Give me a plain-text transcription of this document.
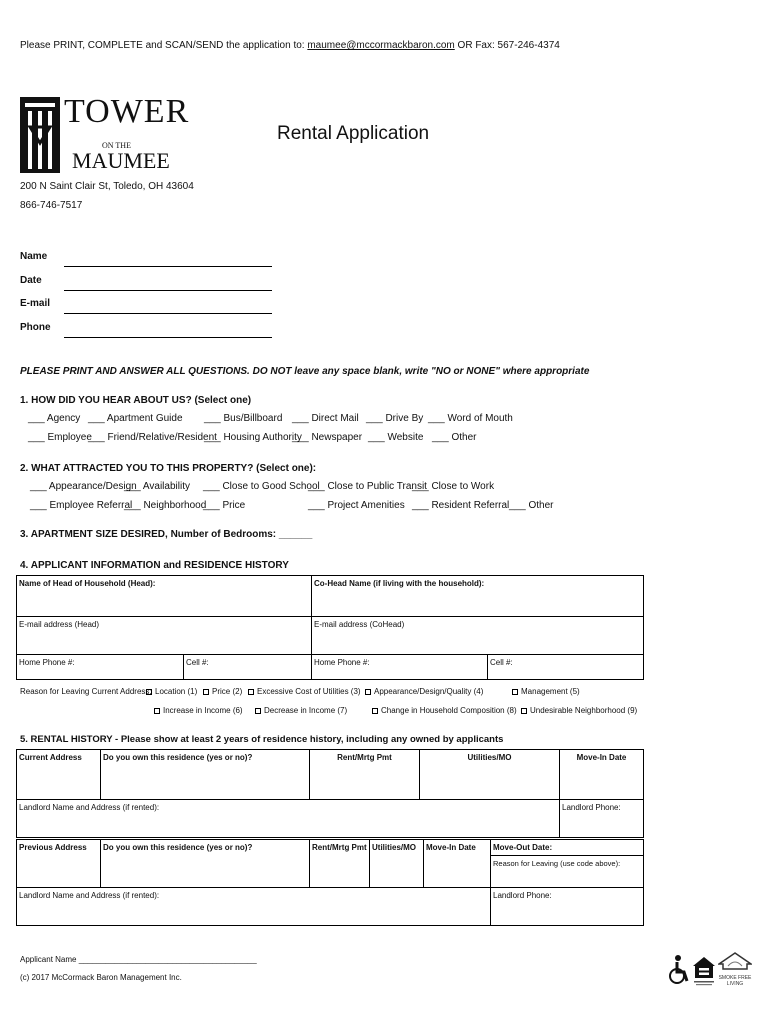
Please PRINT, COMPLETE and SCAN/SEND the application to: maumee@mccormackbaron.com OR Fax: 567-246-4374
TOWER
ON THE
MAUMEE
Rental Application
200 N Saint Clair St, Toledo, OH 43604
866-746-7517
Name
Date
E-mail
Phone
PLEASE PRINT AND ANSWER ALL QUESTIONS. DO NOT leave any space blank, write "NO or NONE" where appropriate
1. HOW DID YOU HEAR ABOUT US? (Select one)
___ Agency ___ Apartment Guide ___ Bus/Billboard ___ Direct Mail ___ Drive By ___ Word of Mouth
___ Employee
___ Friend/Relative/Resident
___ Housing Authority
___ Newspaper ___ Website ___ Other
2. WHAT ATTRACTED YOU TO THIS PROPERTY? (Select one):
___ Appearance/Design
___ Availability ___ Close to Good School
___ Close to Public Transit
___ Close to Work
___ Employee Referral
___ Neighborhood
___ Price	___ Project Amenities ___ Resident Referral ___ Other
3. APARTMENT SIZE DESIRED, Number of Bedrooms: ______
4. APPLICANT INFORMATION and RESIDENCE HISTORY
Name of Head of Household (Head):		Co-Head Name (if living with the household):	
E-mail address (Head)		E-mail address (CoHead)	
Home Phone #:	Cell #:	Home Phone #:	Cell #:
Reason for Leaving Current Address: Location (1)	Price (2)	Excessive Cost of Utilities (3)	Appearance/Design/Quality (4)	Management (5)
Increase in Income (6)	Decrease in Income (7)	Change in Household Composition (8)	Undesirable Neighborhood (9)
5. RENTAL HISTORY - Please show at least 2 years of residence history, including any owned by applicants
Current Address	Do you own this residence (yes or no)?	Rent/Mrtg Pmt	Utilities/MO	Move-In Date
Landlord Name and Address (if rented):				Landlord Phone:
Previous Address	Do you own this residence (yes or no)?	Rent/Mrtg Pmt	Utilities/MO	Move-In Date	Move-Out Date:
Reason for Leaving (use code above):

Landlord Name and Address (if rented):					Landlord Phone:
Applicant Name ________________________________________
(c) 2017 McCormack Baron Management Inc.	SMOKE FREE
LIVING
